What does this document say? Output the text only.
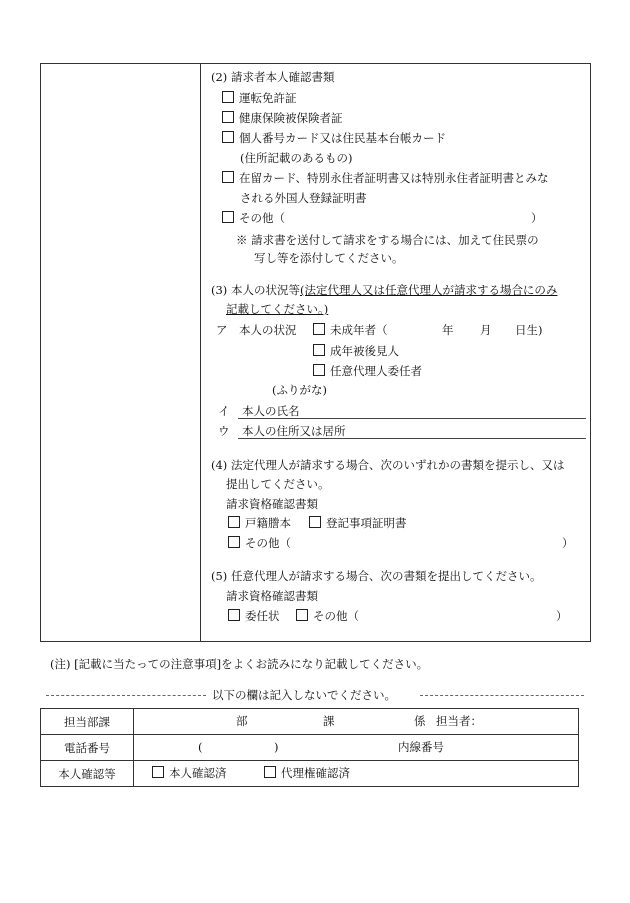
(2) 請求者本人確認書類
運転免許証
健康保険被保険者証
個人番号カード又は住民基本台帳カード
(住所記載のあるもの)
在留カード、特別永住者証明書又は特別永住者証明書とみな
される外国人登録証明書
その他（	）
※ 請求書を送付して請求をする場合には、加えて住民票の
写し等を添付してください。
(3) 本人の状況等(法定代理人又は任意代理人が請求する場合にのみ
記載してください。)
ア　本人の状況	未成年者（	年 月 日生)
成年被後見人
任意代理人委任者
(ふりがな)
イ 本人の氏名
ウ 本人の住所又は居所
(4) 法定代理人が請求する場合、次のいずれかの書類を提示し、又は
提出してください。
請求資格確認書類
戸籍謄本	登記事項証明書
その他（	）
(5) 任意代理人が請求する場合、次の書類を提出してください。
請求資格確認書類
委任状	その他（	）
(注) [記載に当たっての注意事項]をよくお読みになり記載してください。
以下の欄は記入しないでください。
担当部課	部 課 係 担当者：

電話番号	( ) 内線番号

本人確認等	本人確認済 代理権確認済
